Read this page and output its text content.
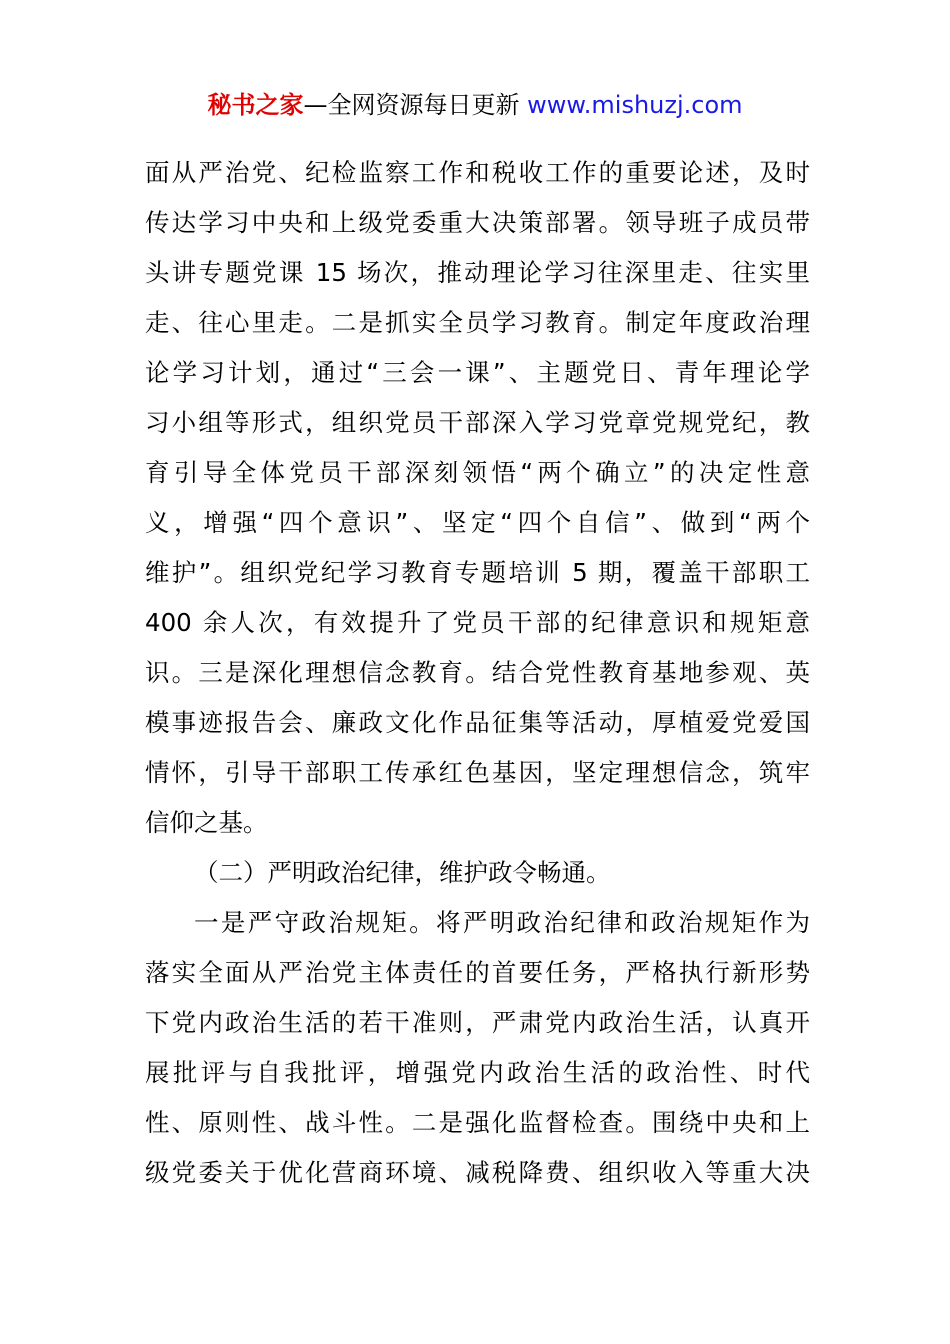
秘书之家—全网资源每日更新 www.mishuzj.com
面从严治党、纪检监察工作和税收工作的重要论述，及时
传达学习中央和上级党委重大决策部署。领导班子成员带
头讲专题党课 15 场次，推动理论学习往深里走、往实里
走、往心里走。二是抓实全员学习教育。制定年度政治理
论学习计划，通过“三会一课”、主题党日、青年理论学
习小组等形式，组织党员干部深入学习党章党规党纪，教
育引导全体党员干部深刻领悟“两个确立”的决定性意
义，增强“四个意识”、坚定“四个自信”、做到“两个
维护”。组织党纪学习教育专题培训 5 期，覆盖干部职工
400 余人次，有效提升了党员干部的纪律意识和规矩意
识。三是深化理想信念教育。结合党性教育基地参观、英
模事迹报告会、廉政文化作品征集等活动，厚植爱党爱国
情怀，引导干部职工传承红色基因，坚定理想信念，筑牢
信仰之基。
（二）严明政治纪律，维护政令畅通。
一是严守政治规矩。将严明政治纪律和政治规矩作为
落实全面从严治党主体责任的首要任务，严格执行新形势
下党内政治生活的若干准则，严肃党内政治生活，认真开
展批评与自我批评，增强党内政治生活的政治性、时代
性、原则性、战斗性。二是强化监督检查。围绕中央和上
级党委关于优化营商环境、减税降费、组织收入等重大决
